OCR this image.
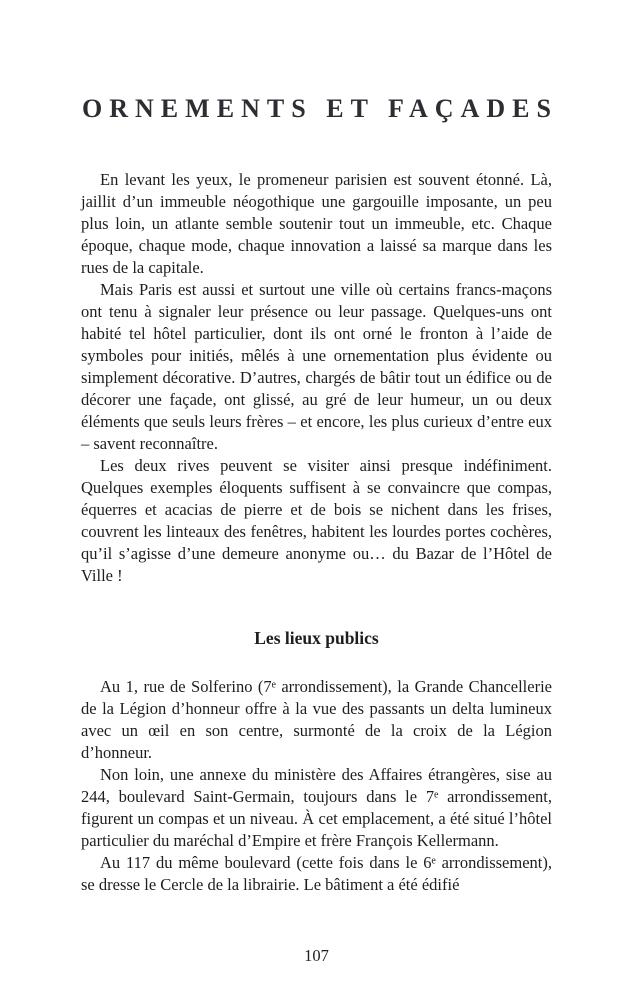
ORNEMENTS ET FAÇADES

En levant les yeux, le promeneur parisien est souvent étonné. Là, jaillit d’un immeuble néogothique une gargouille imposante, un peu plus loin, un atlante semble soutenir tout un immeuble, etc. Chaque époque, chaque mode, chaque innovation a laissé sa marque dans les rues de la capitale.

Mais Paris est aussi et surtout une ville où certains francs-maçons ont tenu à signaler leur présence ou leur passage. Quelques-uns ont habité tel hôtel particulier, dont ils ont orné le fronton à l’aide de symboles pour initiés, mêlés à une ornementation plus évidente ou simplement décorative. D’autres, chargés de bâtir tout un édifice ou de décorer une façade, ont glissé, au gré de leur humeur, un ou deux éléments que seuls leurs frères – et encore, les plus curieux d’entre eux – savent reconnaître.

Les deux rives peuvent se visiter ainsi presque indéfiniment. Quelques exemples éloquents suffisent à se convaincre que compas, équerres et acacias de pierre et de bois se nichent dans les frises, couvrent les linteaux des fenêtres, habitent les lourdes portes cochères, qu’il s’agisse d’une demeure anonyme ou… du Bazar de l’Hôtel de Ville !

Les lieux publics

Au 1, rue de Solferino (7ᵉ arrondissement), la Grande Chancellerie de la Légion d’honneur offre à la vue des passants un delta lumineux avec un œil en son centre, surmonté de la croix de la Légion d’honneur.

Non loin, une annexe du ministère des Affaires étrangères, sise au 244, boulevard Saint-Germain, toujours dans le 7ᵉ arrondissement, figurent un compas et un niveau. À cet emplacement, a été situé l’hôtel particulier du maréchal d’Empire et frère François Kellermann.

Au 117 du même boulevard (cette fois dans le 6ᵉ arrondissement), se dresse le Cercle de la librairie. Le bâtiment a été édifié

107
